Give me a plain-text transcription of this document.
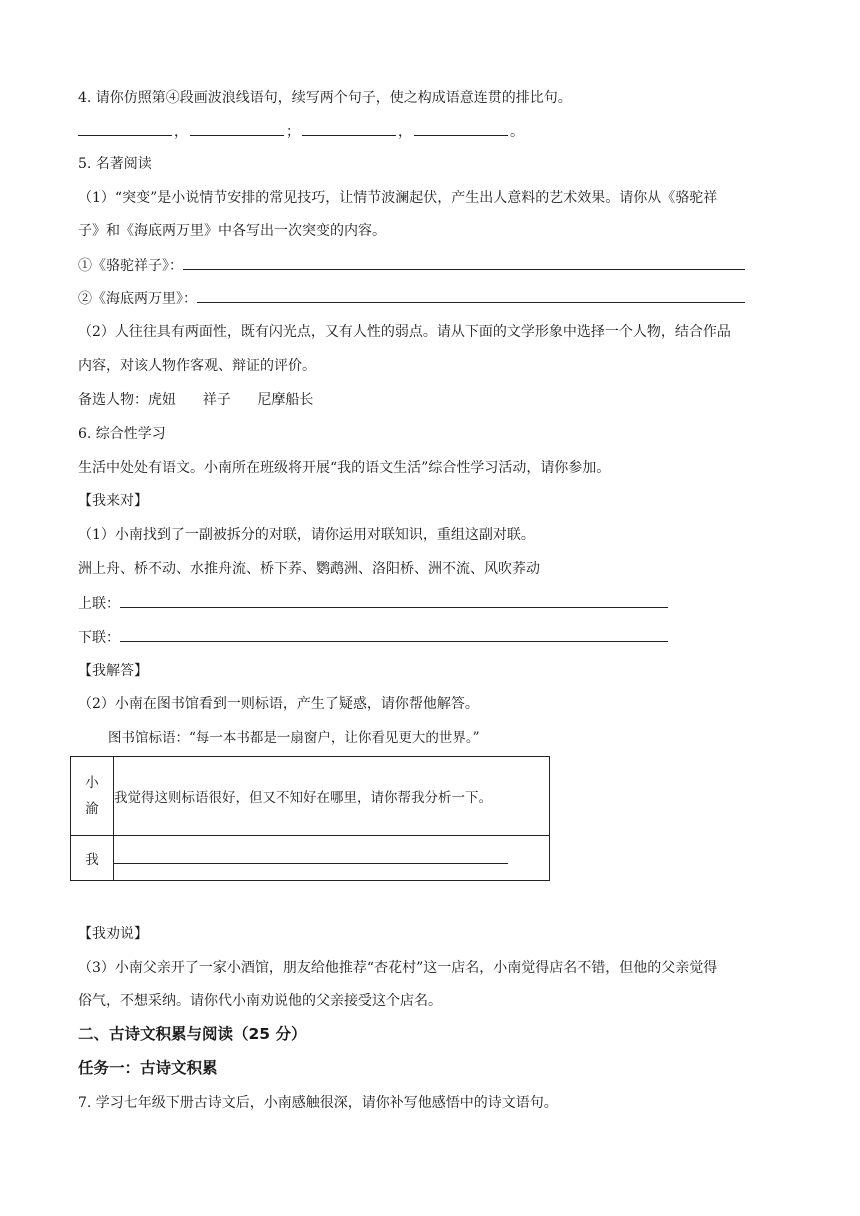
4. 请你仿照第④段画波浪线语句，续写两个句子，使之构成语意连贯的排比句。
，	；	，	。
5. 名著阅读
（1）“突变”是小说情节安排的常见技巧，让情节波澜起伏，产生出人意料的艺术效果。请你从《骆驼祥
子》和《海底两万里》中各写出一次突变的内容。
①《骆驼祥子》：
②《海底两万里》：
（2）人往往具有两面性，既有闪光点，又有人性的弱点。请从下面的文学形象中选择一个人物，结合作品
内容，对该人物作客观、辩证的评价。
备选人物：虎妞      祥子      尼摩船长
6. 综合性学习
生活中处处有语文。小南所在班级将开展“我的语文生活”综合性学习活动，请你参加。
【我来对】
（1）小南找到了一副被拆分的对联，请你运用对联知识，重组这副对联。
洲上舟、桥不动、水推舟流、桥下荞、鹦鹉洲、洛阳桥、洲不流、风吹荞动
上联：
下联：
【我解答】
（2）小南在图书馆看到一则标语，产生了疑惑，请你帮他解答。
图书馆标语：“每一本书都是一扇窗户，让你看见更大的世界。”
小
渝	我觉得这则标语很好，但又不知好在哪里，请你帮我分析一下。
我	
【我劝说】
（3）小南父亲开了一家小酒馆，朋友给他推荐“杏花村”这一店名，小南觉得店名不错，但他的父亲觉得
俗气，不想采纳。请你代小南劝说他的父亲接受这个店名。
二、古诗文积累与阅读（25 分）
任务一：古诗文积累
7. 学习七年级下册古诗文后，小南感触很深，请你补写他感悟中的诗文语句。
